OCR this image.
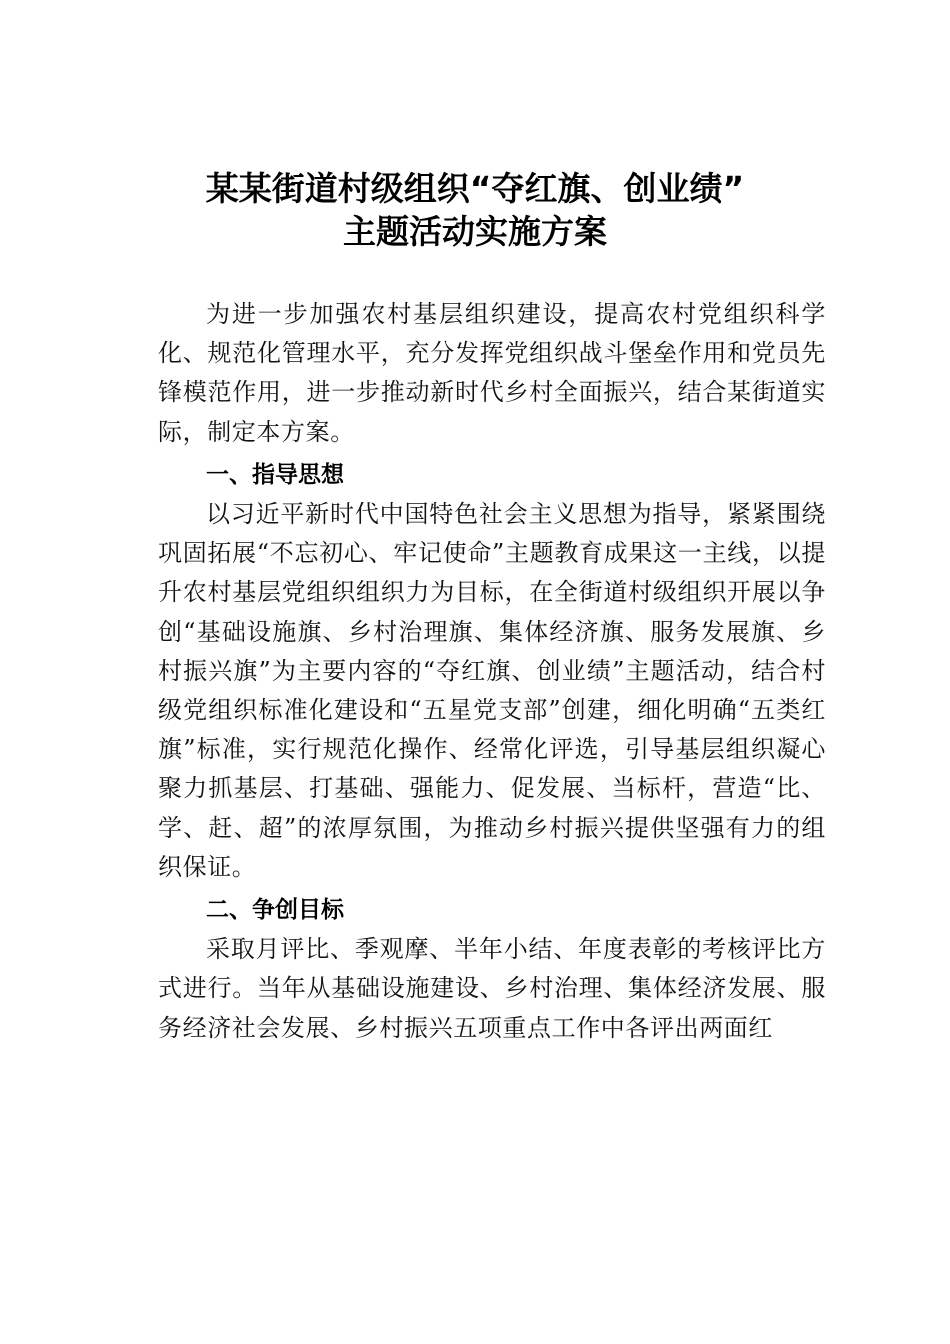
某某街道村级组织“夺红旗、创业绩”
主题活动实施方案

为进一步加强农村基层组织建设，提高农村党组织科学化、规范化管理水平，充分发挥党组织战斗堡垒作用和党员先锋模范作用，进一步推动新时代乡村全面振兴，结合某街道实际，制定本方案。

一、指导思想

以习近平新时代中国特色社会主义思想为指导，紧紧围绕巩固拓展“不忘初心、牢记使命”主题教育成果这一主线，以提升农村基层党组织组织力为目标，在全街道村级组织开展以争创“基础设施旗、乡村治理旗、集体经济旗、服务发展旗、乡村振兴旗”为主要内容的“夺红旗、创业绩”主题活动，结合村级党组织标准化建设和“五星党支部”创建，细化明确“五类红旗”标准，实行规范化操作、经常化评选，引导基层组织凝心聚力抓基层、打基础、强能力、促发展、当标杆，营造“比、学、赶、超”的浓厚氛围，为推动乡村振兴提供坚强有力的组织保证。

二、争创目标

采取月评比、季观摩、半年小结、年度表彰的考核评比方式进行。当年从基础设施建设、乡村治理、集体经济发展、服务经济社会发展、乡村振兴五项重点工作中各评出两面红
